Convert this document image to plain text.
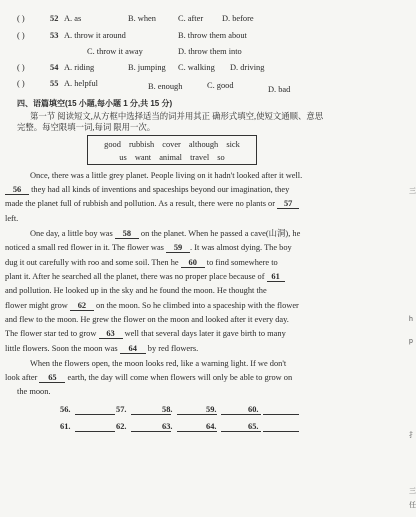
( )	52 A. as	B. when	C. after D. before
( )	53 A. throw it around	B. throw them about
C. throw it away	D. throw them into
( )	54 A. riding	B. jumping C. walking D. driving
( )	55 A. helpful	B. enough	C. good	D. bad
四、语篇填空(15 小题,每小题 1 分,共 15 分)
第一节 阅读短文,从方框中选择适当的词并用其正 确形式填空,使短文通顺、意思
完整。每空限填一词,每词 限用一次。
good rubbish cover although sick
us want animal travel so
Once, there was a little grey planet. People living on it hadn't looked after it well.
56 they had all kinds of inventions and spaceships beyond our imagination, they
made the planet full of rubbish and pollution. As a result, there were no plants or 57
left.
One day, a little boy was 58 on the planet. When he passed a cave(山洞), he
noticed a small red flower in it. The flower was 59 . It was almost dying. The boy
dug it out carefully with roo and some soil. Then he 60 to find somewhere to
plant it. After he searched all the planet, there was no proper place because of 61
and pollution. He looked up in the sky and he found the moon. He thought the
flower might grow 62 on the moon. So he climbed into a spaceship with the flower
and flew to the moon. He grew the flower on the moon and looked after it every day.
The flower star ted to grow 63 well that several days later it gave birth to many
little flowers. Soon the moon was 64 by red flowers.
When the flowers open, the moon looks red, like a warning light. If we don't
look after 65 earth, the day will come when flowers will only be able to grow on
the moon.
56.	57.	58.	59.	60.
61.	62.	63.	64.	65.
三
h
p
扌
三
任
